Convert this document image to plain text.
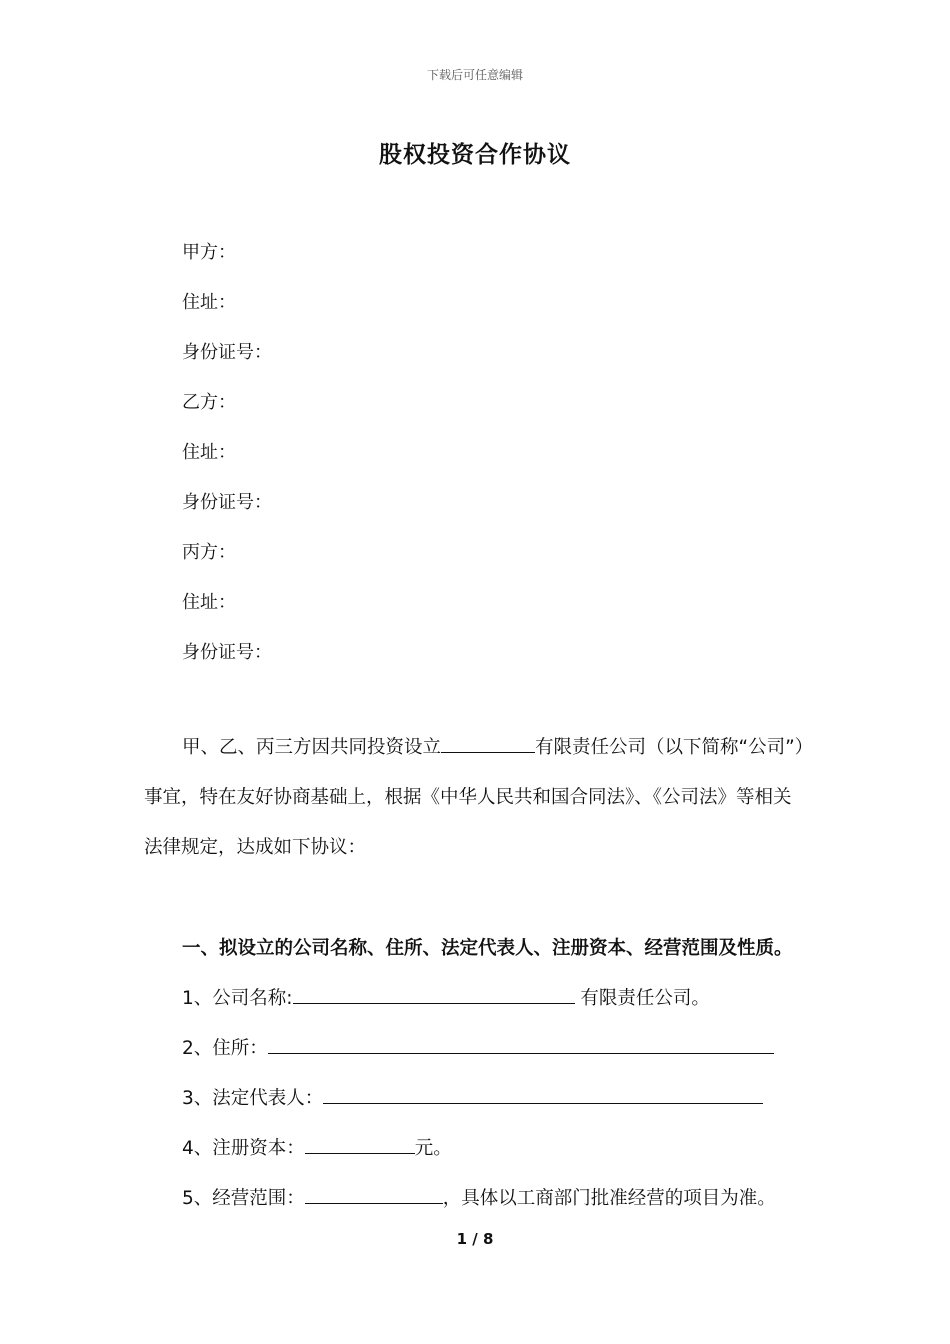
下载后可任意编辑
股权投资合作协议
甲方：
住址：
身份证号：
乙方：
住址：
身份证号：
丙方：
住址：
身份证号：
甲、乙、丙三方因共同投资设立	有限责任公司（以下简称“公司”）事宜，特在友好协商基础上，根据《中华人民共和国合同法》、《公司法》等相关法律规定，达成如下协议：
一、拟设立的公司名称、住所、法定代表人、注册资本、经营范围及性质。
1、公司名称:	有限责任公司。
2、住所：
3、法定代表人：
4、注册资本：	元。
5、经营范围：	，具体以工商部门批准经营的项目为准。
1 / 8
